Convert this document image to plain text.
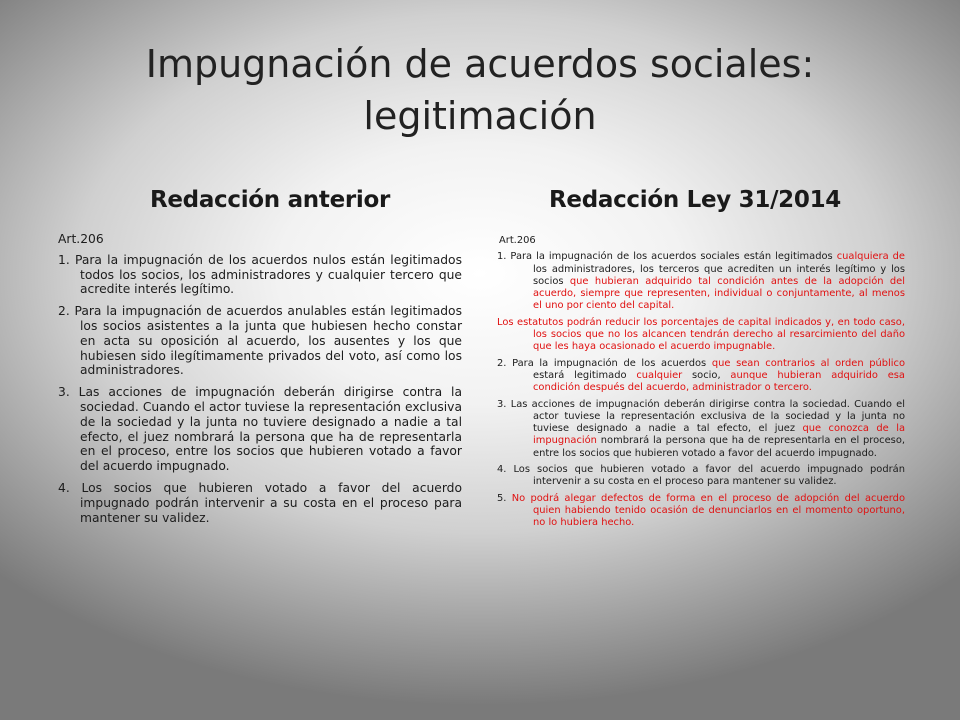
Impugnación de acuerdos sociales:
legitimación
Redacción anterior	Redacción Ley 31/2014
Art.206
1. Para la impugnación de los acuerdos nulos están legitimados todos los socios, los administradores y cualquier tercero que acredite interés legítimo.
2. Para la impugnación de acuerdos anulables están legitimados los socios asistentes a la junta que hubiesen hecho constar en acta su oposición al acuerdo, los ausentes y los que hubiesen sido ilegítimamente privados del voto, así como los administradores.
3. Las acciones de impugnación deberán dirigirse contra la sociedad. Cuando el actor tuviese la representación exclusiva de la sociedad y la junta no tuviere designado a nadie a tal efecto, el juez nombrará la persona que ha de representarla en el proceso, entre los socios que hubieren votado a favor del acuerdo impugnado.
4. Los socios que hubieren votado a favor del acuerdo impugnado podrán intervenir a su costa en el proceso para mantener su validez.
Art.206
1. Para la impugnación de los acuerdos sociales están legitimados cualquiera de los administradores, los terceros que acrediten un interés legítimo y los socios que hubieran adquirido tal condición antes de la adopción del acuerdo, siempre que representen, individual o conjuntamente, al menos el uno por ciento del capital.
Los estatutos podrán reducir los porcentajes de capital indicados y, en todo caso, los socios que no los alcancen tendrán derecho al resarcimiento del daño que les haya ocasionado el acuerdo impugnable.
2. Para la impugnación de los acuerdos que sean contrarios al orden público estará legitimado cualquier socio, aunque hubieran adquirido esa condición después del acuerdo, administrador o tercero.
3. Las acciones de impugnación deberán dirigirse contra la sociedad. Cuando el actor tuviese la representación exclusiva de la sociedad y la junta no tuviese designado a nadie a tal efecto, el juez que conozca de la impugnación nombrará la persona que ha de representarla en el proceso, entre los socios que hubieren votado a favor del acuerdo impugnado.
4. Los socios que hubieren votado a favor del acuerdo impugnado podrán intervenir a su costa en el proceso para mantener su validez.
5. No podrá alegar defectos de forma en el proceso de adopción del acuerdo quien habiendo tenido ocasión de denunciarlos en el momento oportuno, no lo hubiera hecho.
